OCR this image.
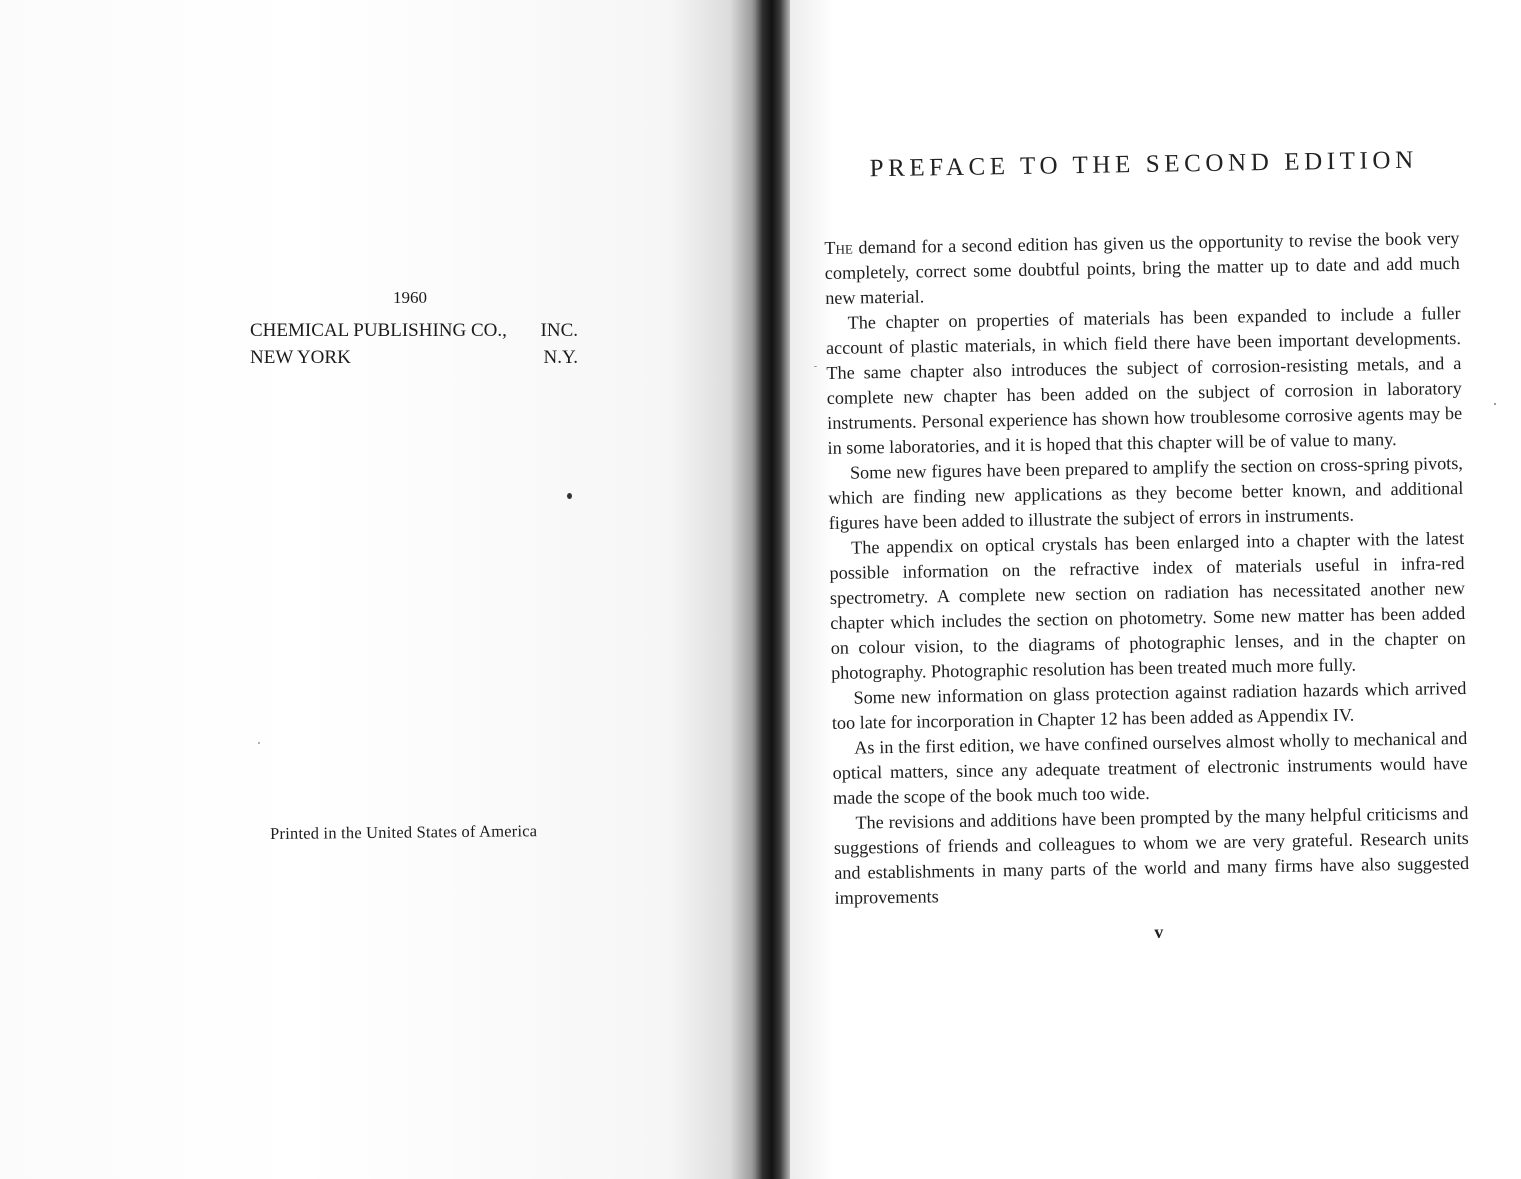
1960
CHEMICAL PUBLISHING CO., INC.
NEW YORK	N.Y.
Printed in the United States of America
PREFACE TO THE SECOND EDITION

The demand for a second edition has given us the opportunity to revise the book very completely, correct some doubtful points, bring the matter up to date and add much new material.

The chapter on properties of materials has been expanded to include a fuller account of plastic materials, in which field there have been important developments. The same chapter also introduces the subject of corrosion-resisting metals, and a complete new chapter has been added on the subject of corrosion in laboratory instruments. Personal experience has shown how troublesome corrosive agents may be in some laboratories, and it is hoped that this chapter will be of value to many.

Some new figures have been prepared to amplify the section on cross-spring pivots, which are finding new applications as they become better known, and additional figures have been added to illustrate the subject of errors in instruments.

The appendix on optical crystals has been enlarged into a chapter with the latest possible information on the refractive index of materials useful in infra-red spectrometry. A complete new section on radiation has necessitated another new chapter which includes the section on photometry. Some new matter has been added on colour vision, to the diagrams of photographic lenses, and in the chapter on photography. Photographic resolution has been treated much more fully.

Some new information on glass protection against radiation hazards which arrived too late for incorporation in Chapter 12 has been added as Appendix IV.

As in the first edition, we have confined ourselves almost wholly to mechanical and optical matters, since any adequate treatment of electronic instruments would have made the scope of the book much too wide.

The revisions and additions have been prompted by the many helpful criticisms and suggestions of friends and colleagues to whom we are very grateful. Research units and establishments in many parts of the world and many firms have also suggested improvements

v
